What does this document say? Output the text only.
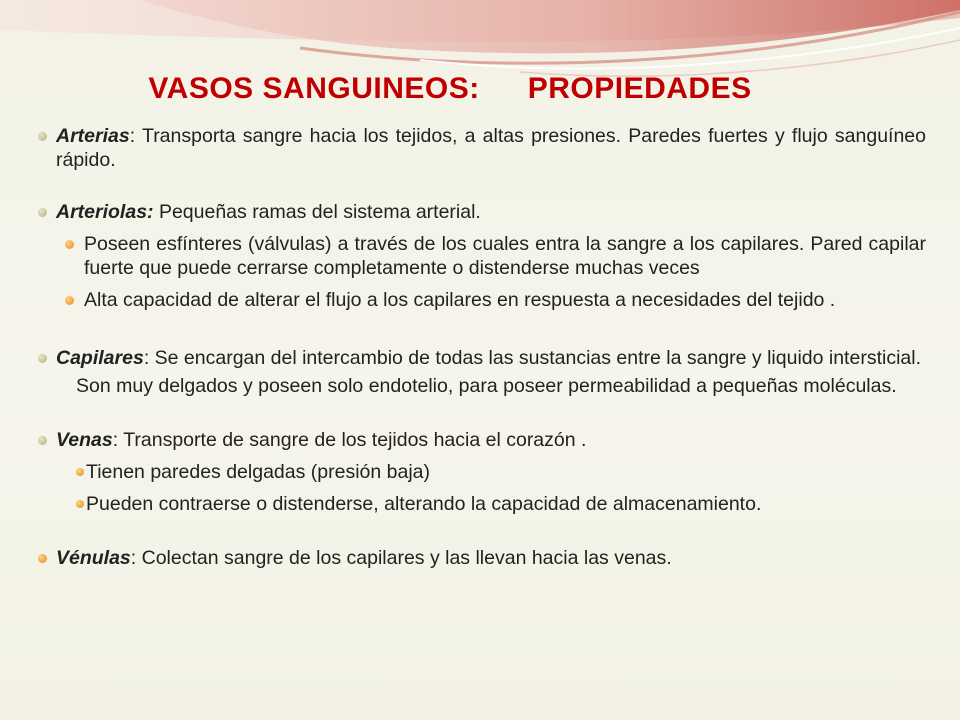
VASOS SANGUINEOS: PROPIEDADES

Arterias: Transporta sangre hacia los tejidos, a altas presiones. Paredes fuertes y flujo sanguíneo rápido.

Arteriolas: Pequeñas ramas del sistema arterial.

Poseen esfínteres (válvulas) a través de los cuales entra la sangre a los capilares. Pared capilar fuerte que puede cerrarse completamente o distenderse muchas veces

Alta capacidad de alterar el flujo a los capilares en respuesta a necesidades del tejido .

Capilares: Se encargan del intercambio de todas las sustancias entre la sangre y liquido intersticial.

Son muy delgados y poseen solo endotelio, para poseer permeabilidad a pequeñas moléculas.

Venas: Transporte de sangre de los tejidos hacia el corazón .

Tienen paredes delgadas (presión baja)

Pueden contraerse o distenderse, alterando la capacidad de almacenamiento.

Vénulas: Colectan sangre de los capilares y las llevan hacia las venas.
